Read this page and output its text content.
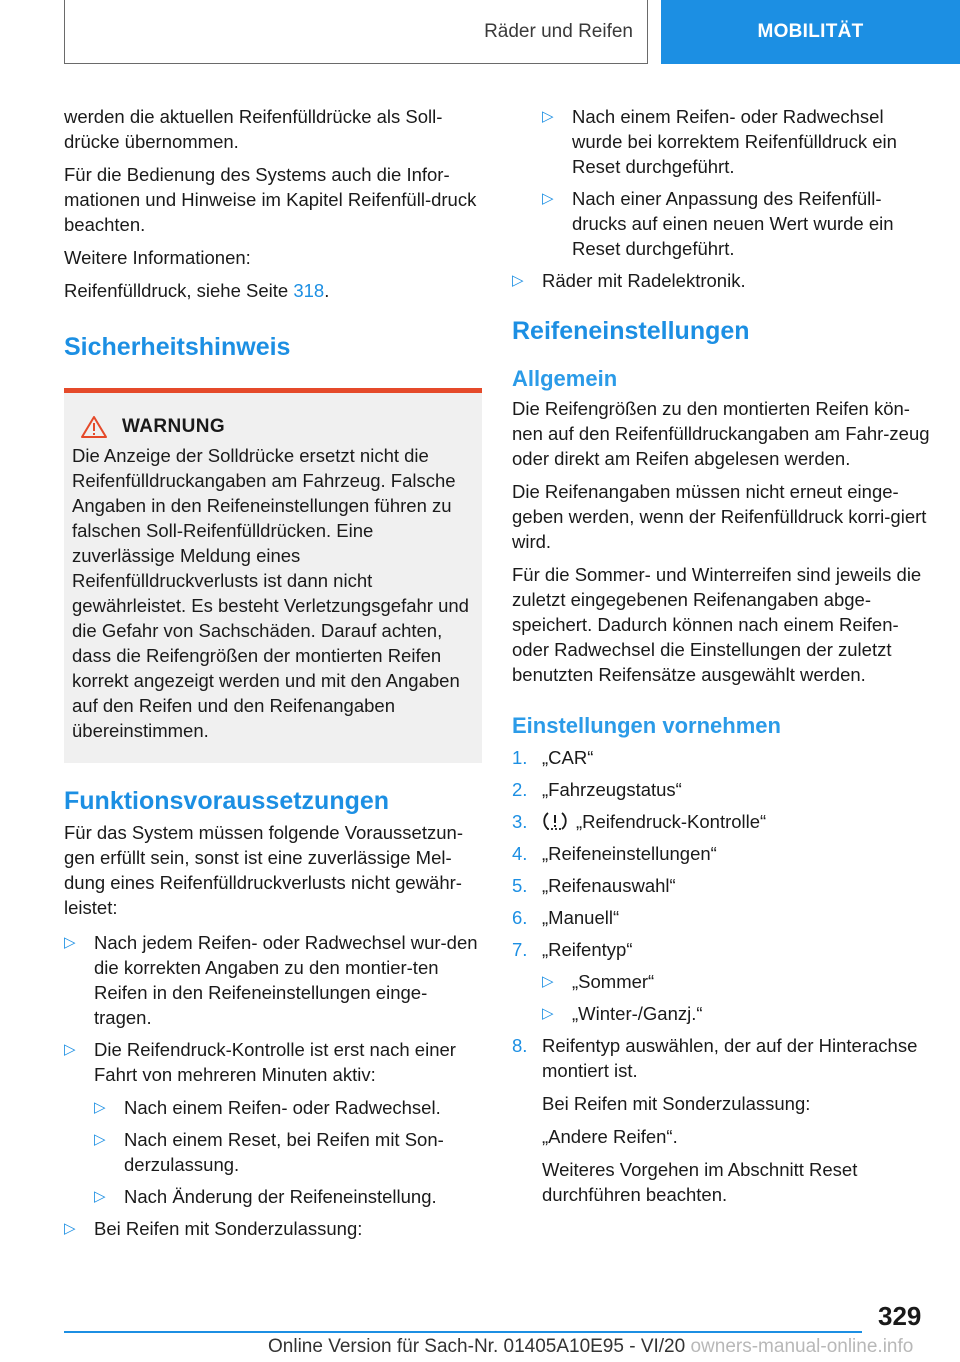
Räder und Reifen	MOBILITÄT

werden die aktuellen Reifenfülldrücke als Soll-drücke übernommen.

Für die Bedienung des Systems auch die Infor-mationen und Hinweise im Kapitel Reifenfüll-druck beachten.

Weitere Informationen:

Reifenfülldruck, siehe Seite 318.

Sicherheitshinweis
WARNUNG

Die Anzeige der Solldrücke ersetzt nicht die Reifenfülldruckangaben am Fahrzeug. Falsche Angaben in den Reifeneinstellungen führen zu falschen Soll-Reifenfülldrücken. Eine zuverlässige Meldung eines Reifenfülldruckverlusts ist dann nicht gewährleistet. Es besteht Verletzungsgefahr und die Gefahr von Sachschäden. Darauf achten, dass die Reifengrößen der montierten Reifen korrekt angezeigt werden und mit den Angaben auf den Reifen und den Reifenangaben übereinstimmen.

Funktionsvoraussetzungen

Für das System müssen folgende Voraussetzun-gen erfüllt sein, sonst ist eine zuverlässige Mel-dung eines Reifenfülldruckverlusts nicht gewähr-leistet:

▷ Nach jedem Reifen- oder Radwechsel wur-den die korrekten Angaben zu den montier-ten Reifen in den Reifeneinstellungen einge-tragen.
▷ Die Reifendruck-Kontrolle ist erst nach einer Fahrt von mehreren Minuten aktiv:
▷ Nach einem Reifen- oder Radwechsel.
▷ Nach einem Reset, bei Reifen mit Son-derzulassung.
▷ Nach Änderung der Reifeneinstellung.
▷ Bei Reifen mit Sonderzulassung:
▷ Nach einem Reifen- oder Radwechsel wurde bei korrektem Reifenfülldruck ein Reset durchgeführt.
▷ Nach einer Anpassung des Reifenfüll-drucks auf einen neuen Wert wurde ein Reset durchgeführt.
▷ Räder mit Radelektronik.
Reifeneinstellungen
Allgemein

Die Reifengrößen zu den montierten Reifen kön-nen auf den Reifenfülldruckangaben am Fahr-zeug oder direkt am Reifen abgelesen werden.

Die Reifenangaben müssen nicht erneut einge-geben werden, wenn der Reifenfülldruck korri-giert wird.

Für die Sommer- und Winterreifen sind jeweils die zuletzt eingegebenen Reifenangaben abge-speichert. Dadurch können nach einem Reifen-oder Radwechsel die Einstellungen der zuletzt benutzten Reifensätze ausgewählt werden.

Einstellungen vornehmen
1. „CAR“
2. „Fahrzeugstatus“
3.	„Reifendruck-Kontrolle“
4. „Reifeneinstellungen“
5. „Reifenauswahl“
6. „Manuell“
7. „Reifentyp“
▷ „Sommer“
▷ „Winter-/Ganzj.“
8. Reifentyp auswählen, der auf der Hinterachse montiert ist.

Bei Reifen mit Sonderzulassung:

„Andere Reifen“.

Weiteres Vorgehen im Abschnitt Reset durchführen beachten.

329
Online Version für Sach-Nr. 01405A10E95 - VI/20 owners-manual-online.info
